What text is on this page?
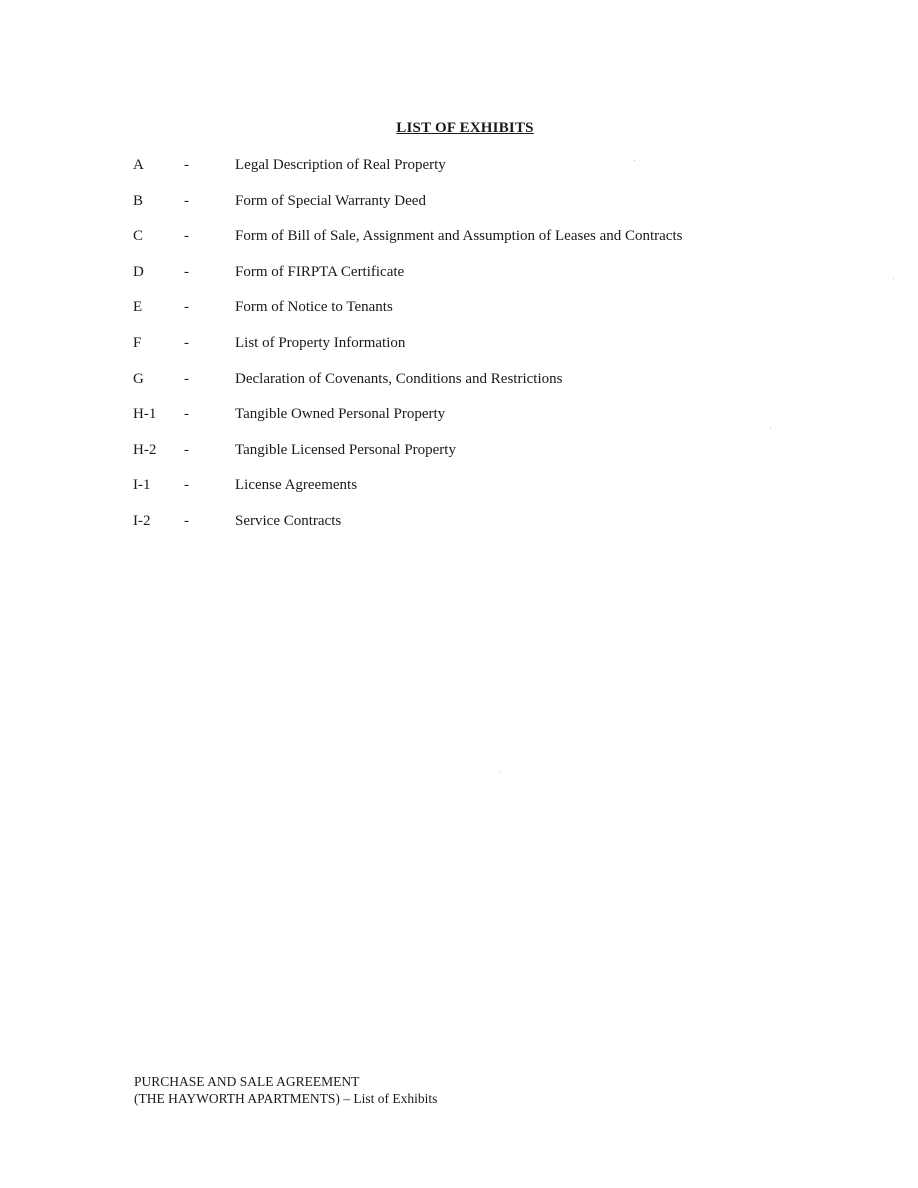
LIST OF EXHIBITS
A	-	Legal Description of Real Property
B	-	Form of Special Warranty Deed
C	-	Form of Bill of Sale, Assignment and Assumption of Leases and Contracts
D	-	Form of FIRPTA Certificate
E	-	Form of Notice to Tenants
F	-	List of Property Information
G	-	Declaration of Covenants, Conditions and Restrictions
H-1	-	Tangible Owned Personal Property
H-2	-	Tangible Licensed Personal Property
I-1	-	License Agreements
I-2	-	Service Contracts
PURCHASE AND SALE AGREEMENT
(THE HAYWORTH APARTMENTS) – List of Exhibits
